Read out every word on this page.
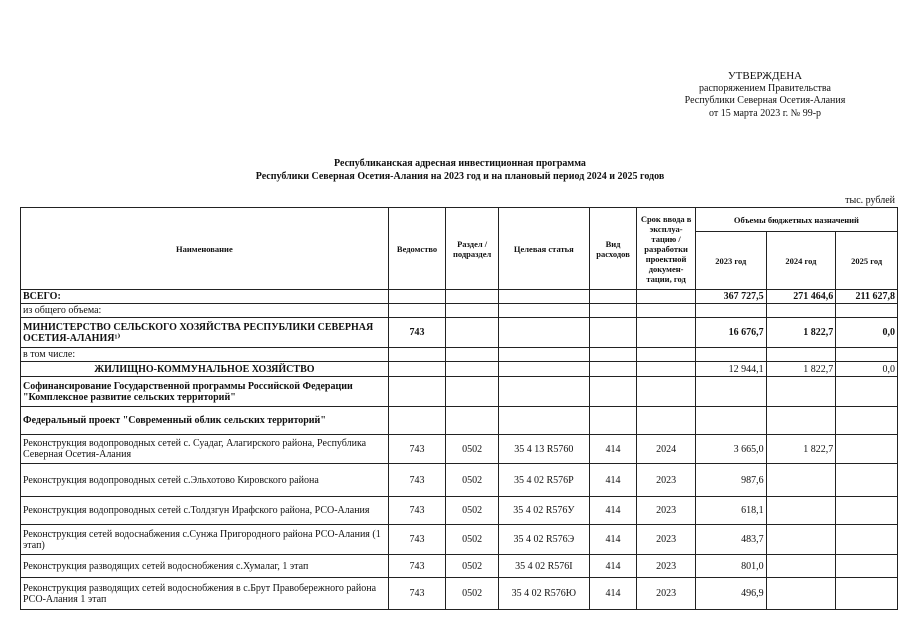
УТВЕРЖДЕНА
распоряжением Правительства
Республики Северная Осетия-Алания
от 15 марта 2023 г. № 99-р
Республиканская адресная инвестиционная программа
Республики Северная Осетия-Алания на 2023 год и на плановый период 2024 и 2025 годов
тыс. рублей
Наименование	Ведомство	Раздел / подраздел	Целевая статья	Вид расходов	Срок ввода в эксплуа-тацию / разработки проектной докумен-тации, год	Объемы бюджетных назначений		
						2023 год	2024 год	2025 год
ВСЕГО:						367 727,5	271 464,6	211 627,8
из общего объема:								
МИНИСТЕРСТВО СЕЛЬСКОГО ХОЗЯЙСТВА РЕСПУБЛИКИ СЕВЕРНАЯ ОСЕТИЯ-АЛАНИЯ¹⁾	743					16 676,7	1 822,7	0,0
в том числе:								
ЖИЛИЩНО-КОММУНАЛЬНОЕ ХОЗЯЙСТВО						12 944,1	1 822,7	0,0
Софинансирование Государственной программы Российской Федерации "Комплексное развитие сельских территорий"								
Федеральный проект "Современный облик сельских территорий"								
Реконструкция водопроводных сетей с. Суадаг, Алагирского района, Республика Северная Осетия-Алания	743	0502	35 4 13 R5760	414	2024	3 665,0	1 822,7	
Реконструкция водопроводных сетей с.Эльхотово Кировского района	743	0502	35 4 02 R576Р	414	2023	987,6		
Реконструкция водопроводных сетей с.Толдзгун Ирафского района, РСО-Алания	743	0502	35 4 02 R576У	414	2023	618,1		
Реконструкция сетей водоснабжения с.Сунжа Пригородного района РСО-Алания (1 этап)	743	0502	35 4 02 R576Э	414	2023	483,7		
Реконструкция разводящих сетей водоснобжения с.Хумалаг, 1 этап	743	0502	35 4 02 R576І	414	2023	801,0		
Реконструкция разводящих сетей водоснобжения в с.Брут Правобережного района РСО-Алания 1 этап	743	0502	35 4 02 R576Ю	414	2023	496,9		
